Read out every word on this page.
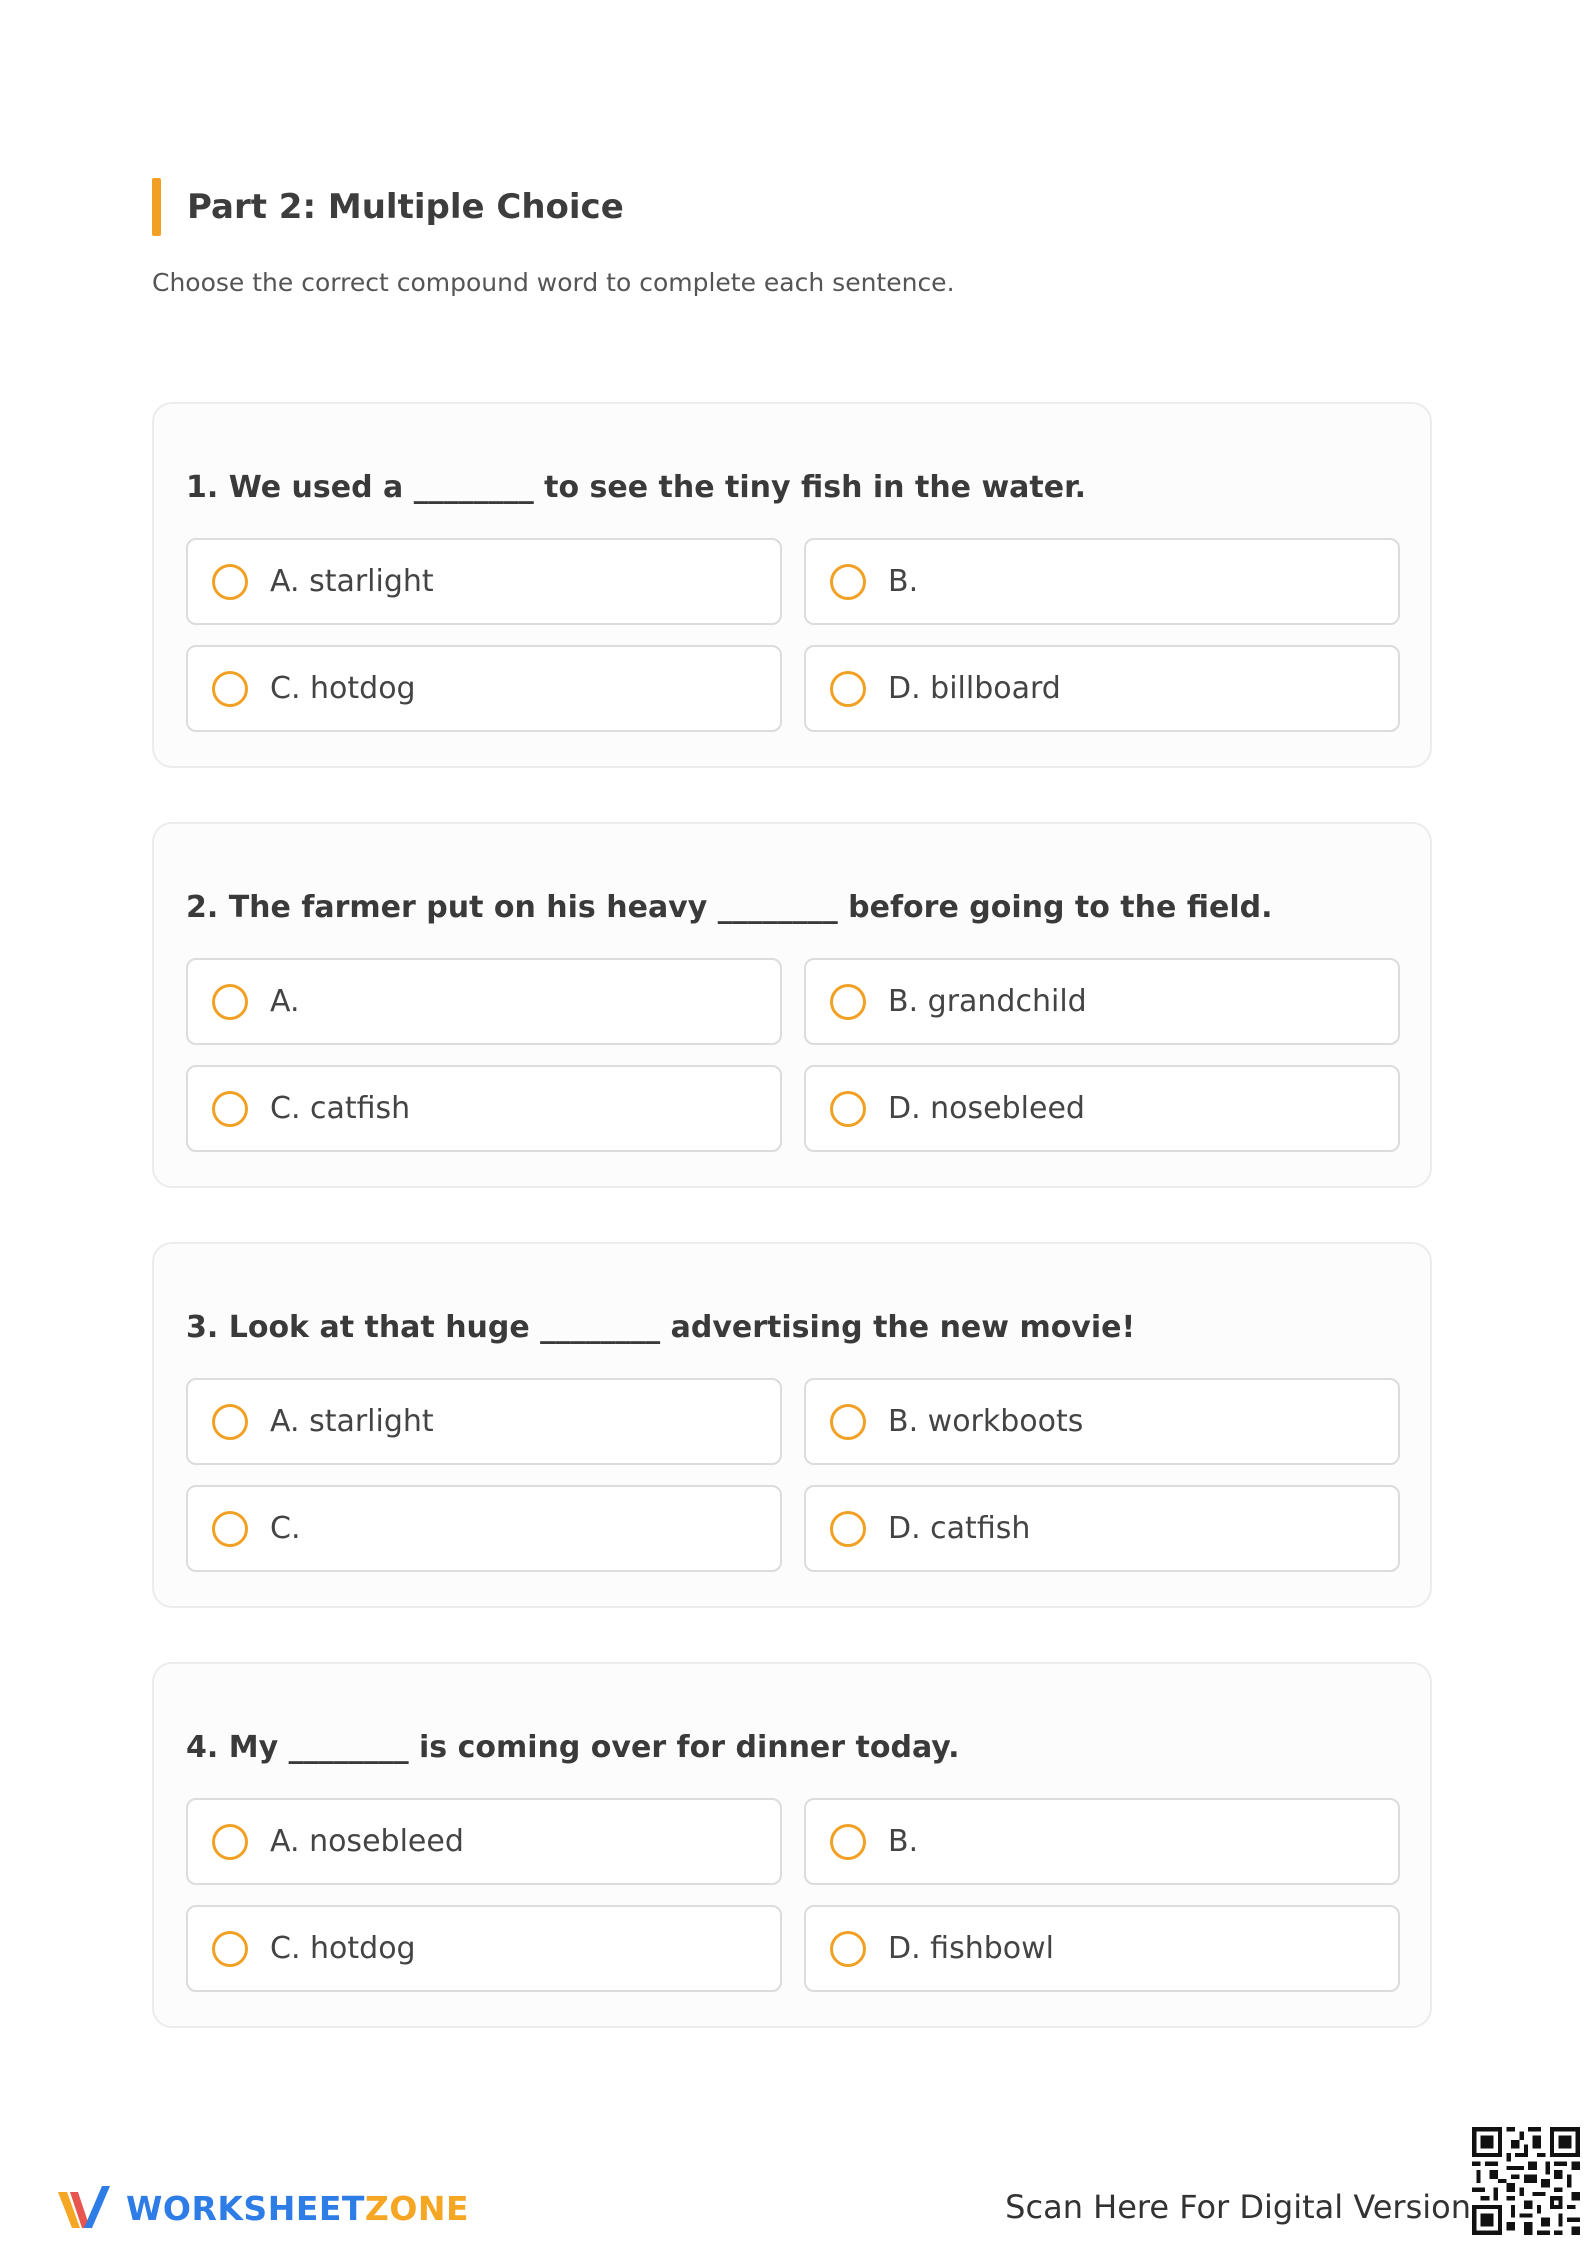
Part 2: Multiple Choice

Choose the correct compound word to complete each sentence.

1. We used a ________ to see the tiny fish in the water.
A. starlight	B.
C. hotdog	D. billboard
2. The farmer put on his heavy ________ before going to the field.
A.	B. grandchild
C. catfish	D. nosebleed
3. Look at that huge ________ advertising the new movie!
A. starlight	B. workboots
C.	D. catfish
4. My ________ is coming over for dinner today.
A. nosebleed	B.
C. hotdog	D. fishbowl
WORKSHEETZONE	Scan Here For Digital Version
